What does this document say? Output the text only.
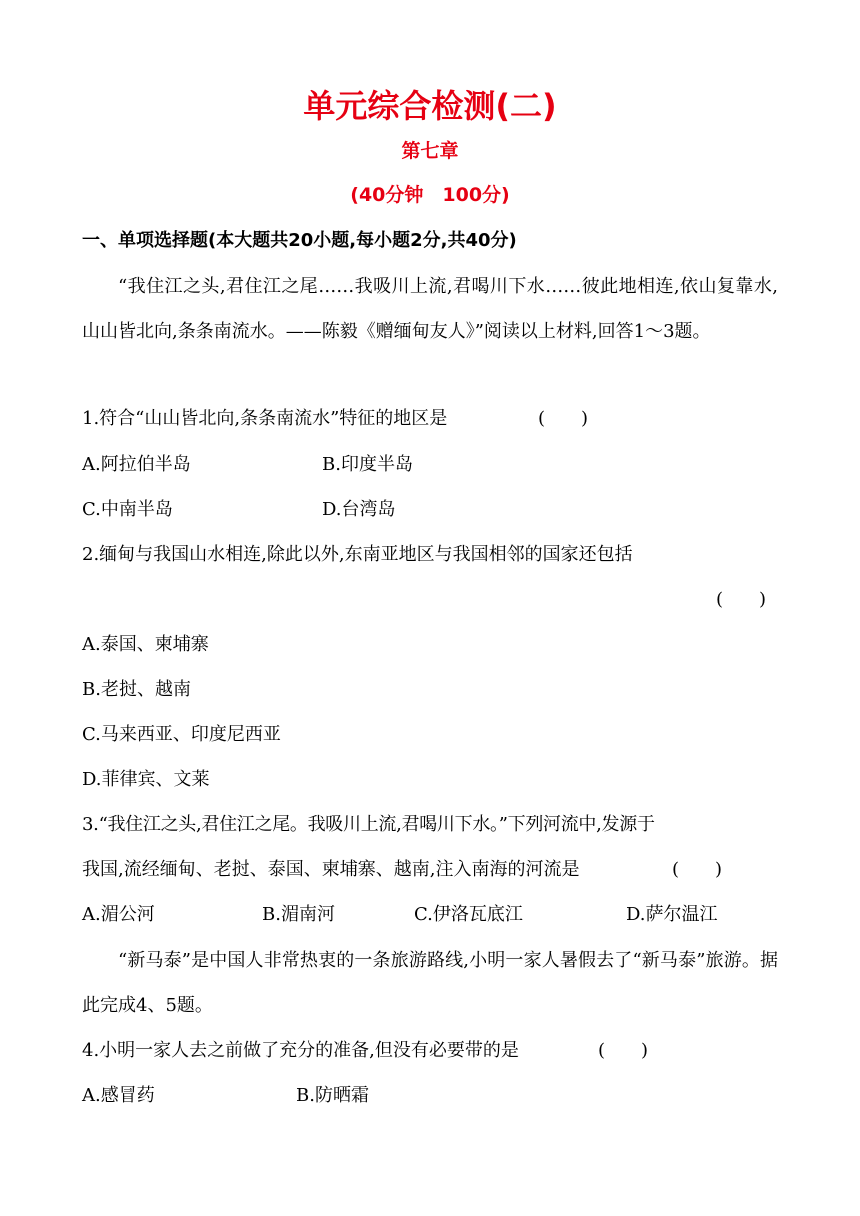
单元综合检测(二)
第七章
(40分钟　100分)
一、单项选择题(本大题共20小题,每小题2分,共40分)
“我住江之头,君住江之尾……我吸川上流,君喝川下水……彼此地相连,依山复靠水,山山皆北向,条条南流水。——陈毅《赠缅甸友人》”阅读以上材料,回答1～3题。
1.符合“山山皆北向,条条南流水”特征的地区是	(　　)
A.阿拉伯半岛	B.印度半岛
C.中南半岛	D.台湾岛
2.缅甸与我国山水相连,除此以外,东南亚地区与我国相邻的国家还包括
(　　)
A.泰国、柬埔寨
B.老挝、越南
C.马来西亚、印度尼西亚
D.菲律宾、文莱
3.“我住江之头,君住江之尾。我吸川上流,君喝川下水。”下列河流中,发源于
我国,流经缅甸、老挝、泰国、柬埔寨、越南,注入南海的河流是	(　　)
A.湄公河	B.湄南河	C.伊洛瓦底江	D.萨尔温江
“新马泰”是中国人非常热衷的一条旅游路线,小明一家人暑假去了“新马泰”旅游。据此完成4、5题。
4.小明一家人去之前做了充分的准备,但没有必要带的是	(　　)
A.感冒药	B.防晒霜
